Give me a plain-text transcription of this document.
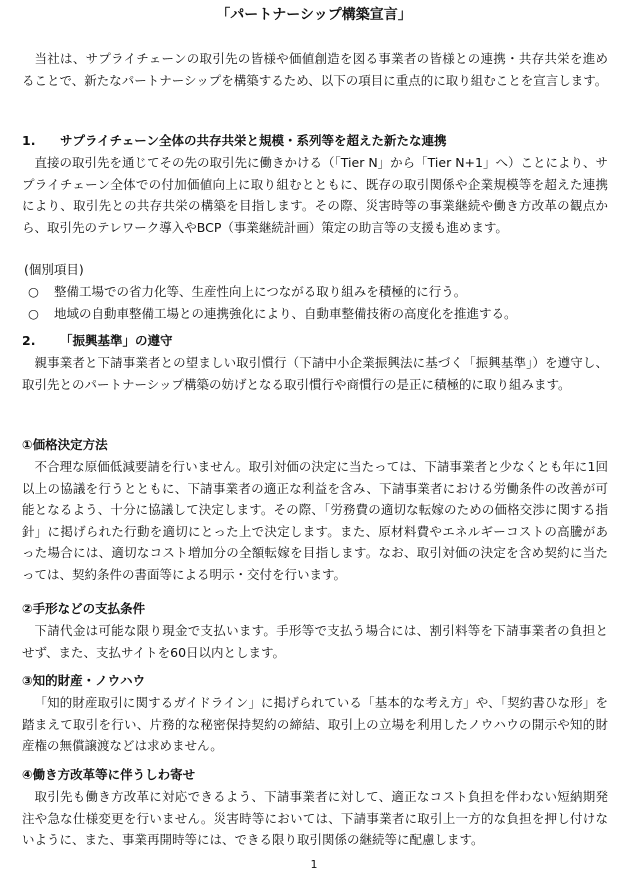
「パートナーシップ構築宣言」

当社は、サプライチェーンの取引先の皆様や価値創造を図る事業者の皆様との連携・共存共栄を進めることで、新たなパートナーシップを構築するため、以下の項目に重点的に取り組むことを宣言します。

1. サプライチェーン全体の共存共栄と規模・系列等を超えた新たな連携

直接の取引先を通じてその先の取引先に働きかける（「Tier N」から「Tier N+1」へ）ことにより、サプライチェーン全体での付加価値向上に取り組むとともに、既存の取引関係や企業規模等を超えた連携により、取引先との共存共栄の構築を目指します。その際、災害時等の事業継続や働き方改革の観点から、取引先のテレワーク導入やBCP（事業継続計画）策定の助言等の支援も進めます。

(個別項目)
○ 整備工場での省力化等、生産性向上につながる取り組みを積極的に行う。
○ 地域の自動車整備工場との連携強化により、自動車整備技術の高度化を推進する。
2. 「振興基準」の遵守

親事業者と下請事業者との望ましい取引慣行（下請中小企業振興法に基づく「振興基準」）を遵守し、取引先とのパートナーシップ構築の妨げとなる取引慣行や商慣行の是正に積極的に取り組みます。

①価格決定方法

不合理な原価低減要請を行いません。取引対価の決定に当たっては、下請事業者と少なくとも年に1回以上の協議を行うとともに、下請事業者の適正な利益を含み、下請事業者における労働条件の改善が可能となるよう、十分に協議して決定します。その際、「労務費の適切な転嫁のための価格交渉に関する指針」に掲げられた行動を適切にとった上で決定します。また、原材料費やエネルギーコストの高騰があった場合には、適切なコスト増加分の全額転嫁を目指します。なお、取引対価の決定を含め契約に当たっては、契約条件の書面等による明示・交付を行います。

②手形などの支払条件

下請代金は可能な限り現金で支払います。手形等で支払う場合には、割引料等を下請事業者の負担とせず、また、支払サイトを60日以内とします。

③知的財産・ノウハウ

「知的財産取引に関するガイドライン」に掲げられている「基本的な考え方」や、「契約書ひな形」を踏まえて取引を行い、片務的な秘密保持契約の締結、取引上の立場を利用したノウハウの開示や知的財産権の無償譲渡などは求めません。

④働き方改革等に伴うしわ寄せ

取引先も働き方改革に対応できるよう、下請事業者に対して、適正なコスト負担を伴わない短納期発注や急な仕様変更を行いません。災害時等においては、下請事業者に取引上一方的な負担を押し付けないように、また、事業再開時等には、できる限り取引関係の継続等に配慮します。

1
